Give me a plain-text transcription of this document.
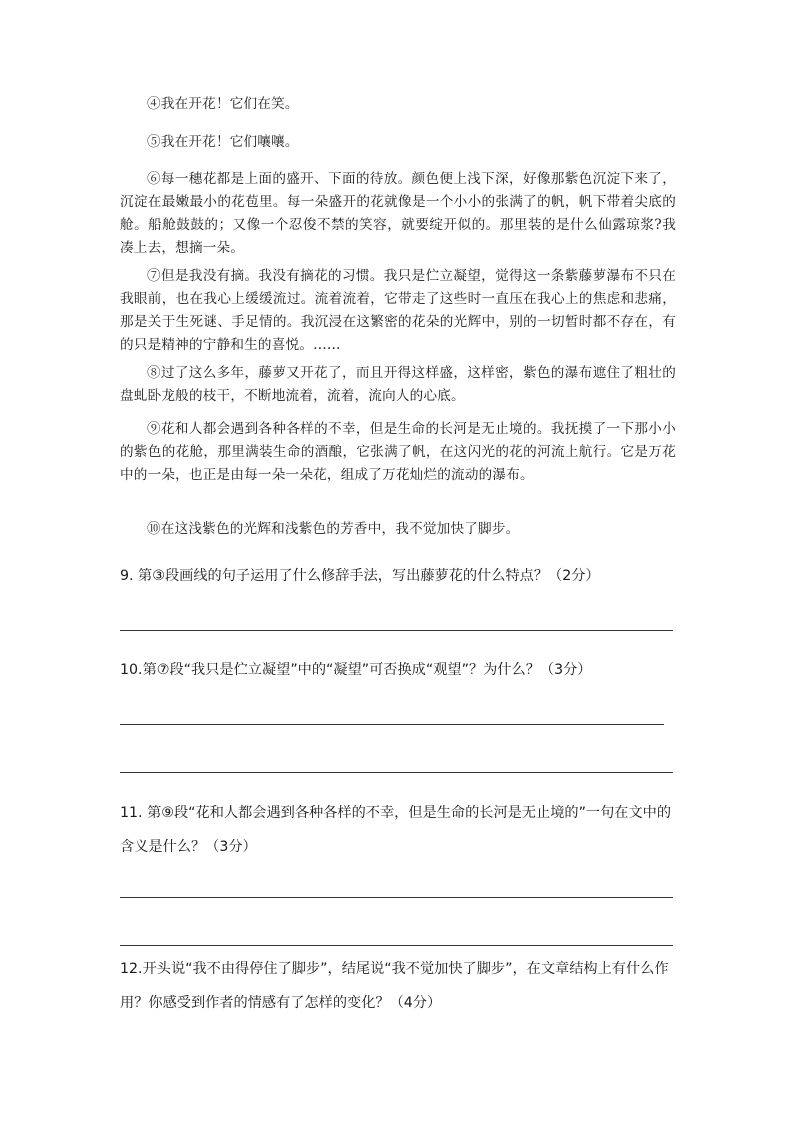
④我在开花！它们在笑。

⑤我在开花！它们嚷嚷。

⑥每一穗花都是上面的盛开、下面的待放。颜色便上浅下深，好像那紫色沉淀下来了，沉淀在最嫩最小的花苞里。每一朵盛开的花就像是一个小小的张满了的帆，帆下带着尖底的舱。船舱鼓鼓的；又像一个忍俊不禁的笑容，就要绽开似的。那里装的是什么仙露琼浆?我凑上去，想摘一朵。

⑦但是我没有摘。我没有摘花的习惯。我只是伫立凝望，觉得这一条紫藤萝瀑布不只在我眼前，也在我心上缓缓流过。流着流着，它带走了这些时一直压在我心上的焦虑和悲痛，那是关于生死谜、手足情的。我沉浸在这繁密的花朵的光辉中，别的一切暂时都不存在，有的只是精神的宁静和生的喜悦。……

⑧过了这么多年，藤萝又开花了，而且开得这样盛，这样密，紫色的瀑布遮住了粗壮的盘虬卧龙般的枝干，不断地流着，流着，流向人的心底。

⑨花和人都会遇到各种各样的不幸，但是生命的长河是无止境的。我抚摸了一下那小小的紫色的花舱，那里满装生命的酒酿，它张满了帆，在这闪光的花的河流上航行。它是万花中的一朵，也正是由每一朵一朵花，组成了万花灿烂的流动的瀑布。

⑩在这浅紫色的光辉和浅紫色的芳香中，我不觉加快了脚步。

9. 第③段画线的句子运用了什么修辞手法，写出藤萝花的什么特点？（2分）

10.第⑦段“我只是伫立凝望”中的“凝望”可否换成“观望”？为什么？（3分）

11. 第⑨段“花和人都会遇到各种各样的不幸，但是生命的长河是无止境的”一句在文中的含义是什么？（3分）

12.开头说“我不由得停住了脚步”，结尾说“我不觉加快了脚步”，在文章结构上有什么作用？你感受到作者的情感有了怎样的变化？（4分）
